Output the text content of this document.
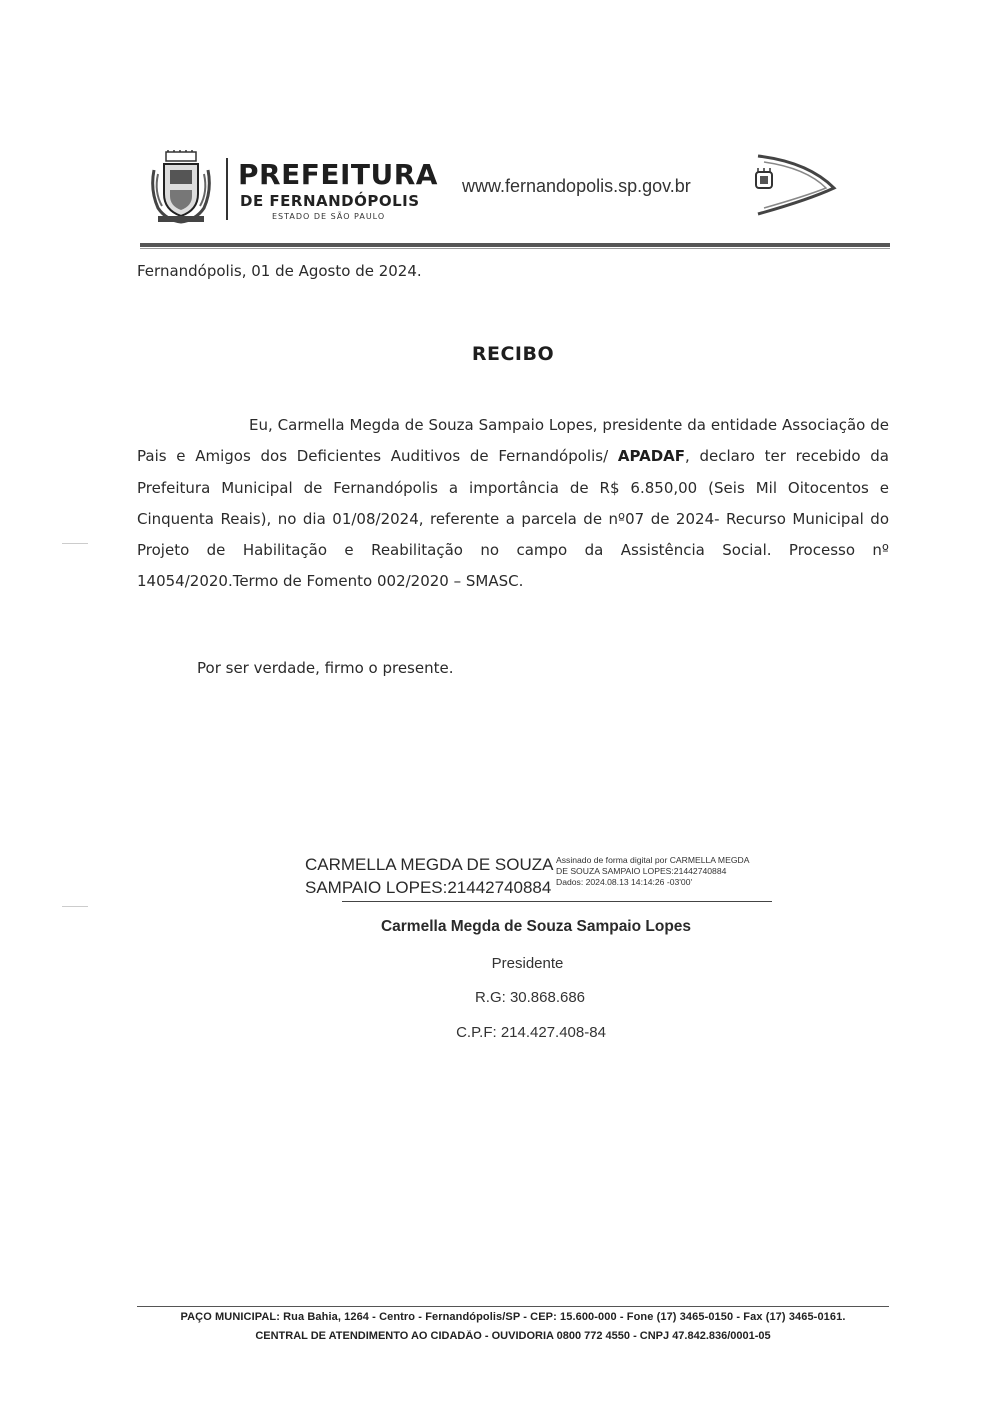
PREFEITURA
DE FERNANDÓPOLIS
ESTADO DE SÃO PAULO
www.fernandopolis.sp.gov.br
Fernandópolis, 01 de Agosto de 2024.
RECIBO
Eu, Carmella Megda de Souza Sampaio Lopes, presidente da entidade Associação de Pais e Amigos dos Deficientes Auditivos de Fernandópolis/ APADAF, declaro ter recebido da Prefeitura Municipal de Fernandópolis a importância de R$ 6.850,00 (Seis Mil Oitocentos e Cinquenta Reais), no dia 01/08/2024, referente a parcela de nº07 de 2024- Recurso Municipal do Projeto de Habilitação e Reabilitação no campo da Assistência Social. Processo nº 14054/2020.Termo de Fomento 002/2020 – SMASC.
Por ser verdade, firmo o presente.
CARMELLA MEGDA DE SOUZA
SAMPAIO LOPES:21442740884
Assinado de forma digital por CARMELLA MEGDA
DE SOUZA SAMPAIO LOPES:21442740884
Dados: 2024.08.13 14:14:26 -03'00'
Carmella Megda de Souza Sampaio Lopes
Presidente
R.G: 30.868.686
C.P.F: 214.427.408-84
PAÇO MUNICIPAL: Rua Bahia, 1264 - Centro - Fernandópolis/SP - CEP: 15.600-000 - Fone (17) 3465-0150 - Fax (17) 3465-0161.
CENTRAL DE ATENDIMENTO AO CIDADÃO - OUVIDORIA 0800 772 4550 - CNPJ 47.842.836/0001-05
